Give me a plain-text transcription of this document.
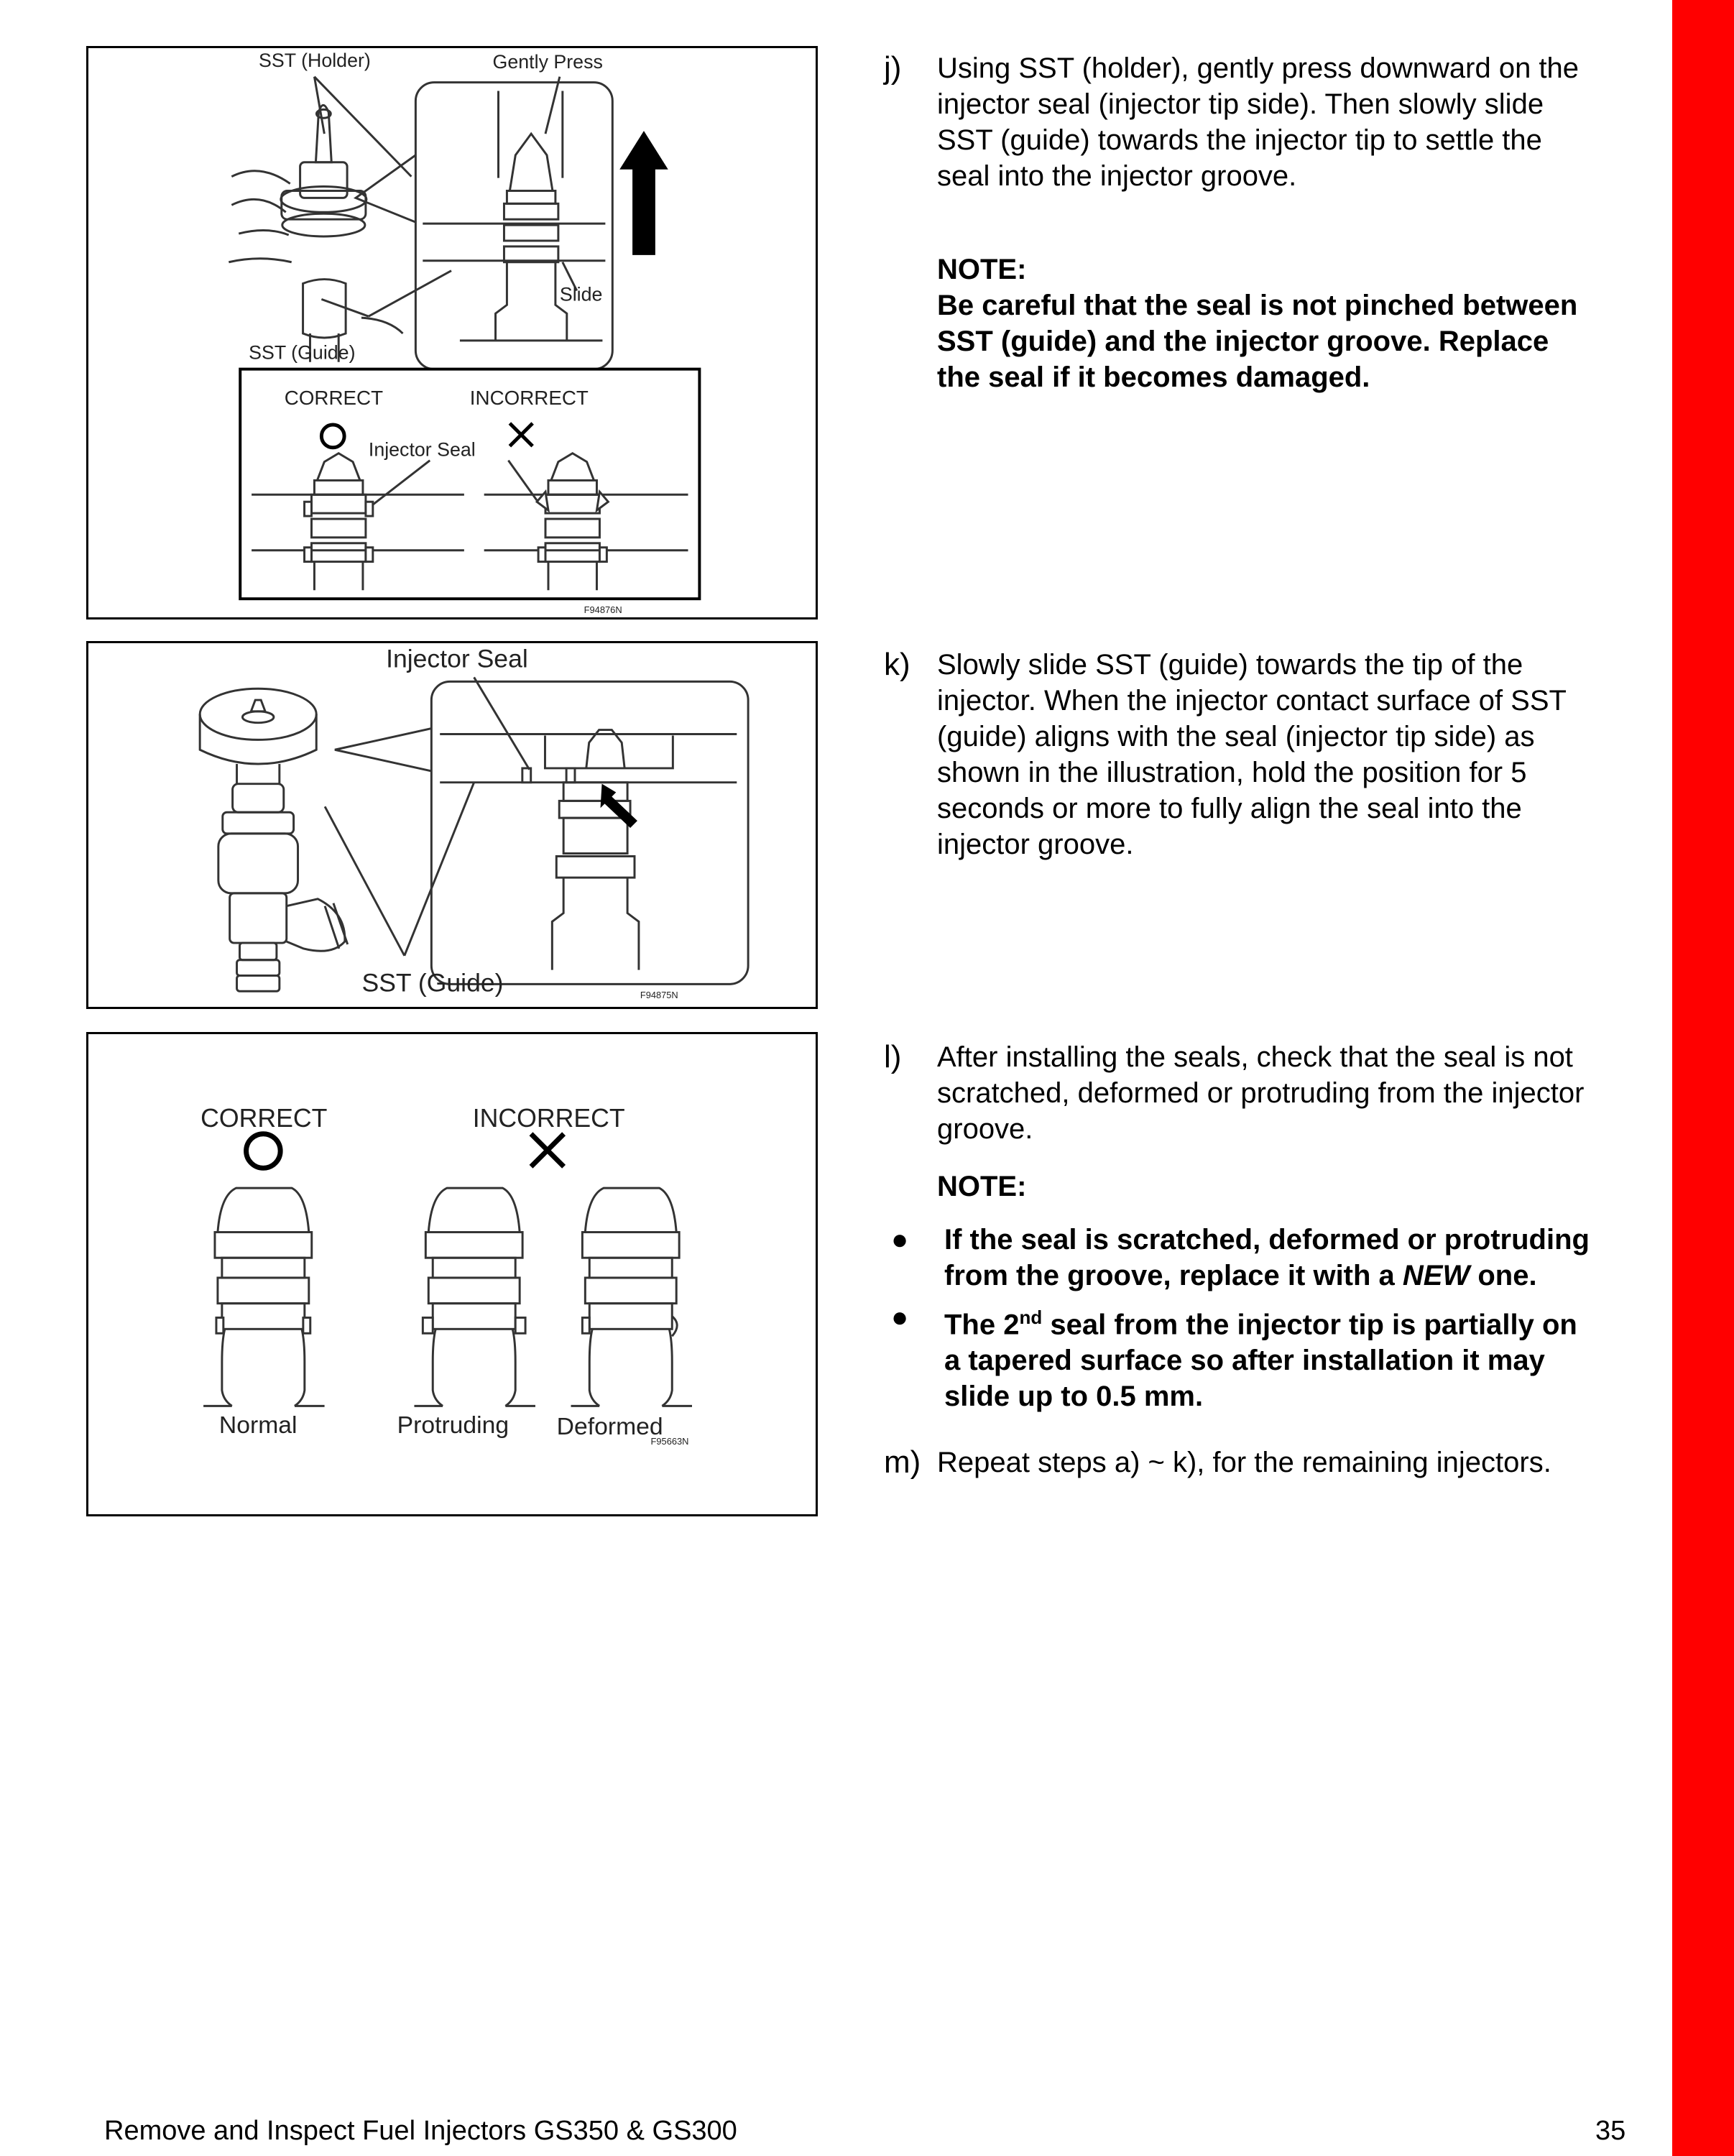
SST (Holder)	Gently Press
Slide
SST (Guide)
CORRECT	INCORRECT
Injector Seal
F94876N
Injector Seal
SST (Guide)	F94875N
CORRECT	INCORRECT
Normal	Protruding Deformed
F95663N
j) Using SST (holder), gently press downward on the
injector seal (injector tip side). Then slowly slide
SST (guide) towards the injector tip to settle the
seal into the injector groove.
NOTE:
Be careful that the seal is not pinched between
SST (guide) and the injector groove. Replace
the seal if it becomes damaged.
k) Slowly slide SST (guide) towards the tip of the
injector. When the injector contact surface of SST
(guide) aligns with the seal (injector tip side) as
shown in the illustration, hold the position for 5
seconds or more to fully align the seal into the
injector groove.
l) After installing the seals, check that the seal is not
scratched, deformed or protruding from the injector
groove.
NOTE:
● If the seal is scratched, deformed or protruding
from the groove, replace it with a NEW one.
● The 2nd seal from the injector tip is partially on
a tapered surface so after installation it may
slide up to 0.5 mm.
m) Repeat steps a) ~ k), for the remaining injectors.
Remove and Inspect Fuel Injectors GS350 & GS300	35
